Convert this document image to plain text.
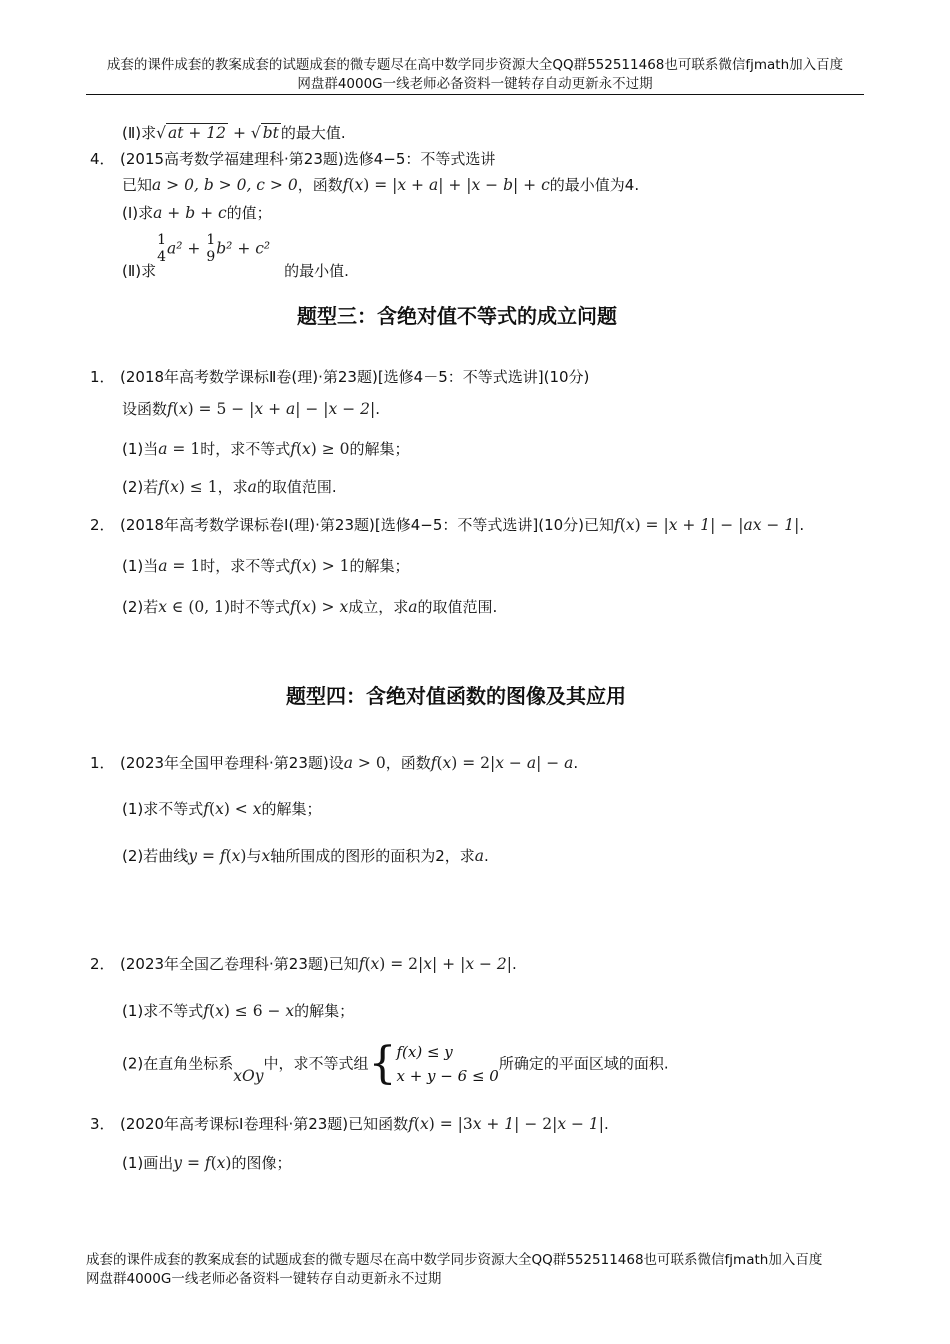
成套的课件成套的教案成套的试题成套的微专题尽在高中数学同步资源大全QQ群552511468也可联系微信fjmath加入百度
网盘群4000G一线老师必备资料一键转存自动更新永不过期
(Ⅱ)求√ at + 12 + √ bt 的最大值.
4． (2015高考数学福建理科·第23题)选修4−5：不等式选讲
已知a > 0, b > 0, c > 0，函数f(x) = |x + a| + |x − b| + c的最小值为4.
(Ⅰ)求a + b + c的值；
(Ⅱ)求
1
4 a² + 1
9 b² + c²的最小值.
题型三：含绝对值不等式的成立问题
1． (2018年高考数学课标Ⅱ卷(理)·第23题)[选修4－5：不等式选讲](10分)
设函数f(x) = 5 − |x + a| − |x − 2|.
(1)当a = 1时，求不等式f(x) ≥ 0的解集；
(2)若f(x) ≤ 1，求a的取值范围.
2． (2018年高考数学课标卷Ⅰ(理)·第23题)[选修4−5：不等式选讲](10分)已知f(x) = |x + 1| − |ax − 1|.
(1)当a = 1时，求不等式f(x) > 1的解集；
(2)若x ∈ (0, 1)时不等式f(x) > x成立，求a的取值范围.
题型四：含绝对值函数的图像及其应用
1． (2023年全国甲卷理科·第23题)设a > 0，函数f(x) = 2|x − a| − a.
(1)求不等式f(x) < x的解集；
(2)若曲线y = f(x)与x轴所围成的图形的面积为2，求a.
2． (2023年全国乙卷理科·第23题)已知f(x) = 2|x| + |x − 2|.
(1)求不等式f(x) ≤ 6 − x的解集；
(2)在直角坐标系xOy中，求不等式组{ f(x) ≤ y
x + y − 6 ≤ 0
所确定的平面区域的面积.
3． (2020年高考课标Ⅰ卷理科·第23题)已知函数f(x) = |3x + 1| − 2|x − 1|.
(1)画出y = f(x)的图像；
成套的课件成套的教案成套的试题成套的微专题尽在高中数学同步资源大全QQ群552511468也可联系微信fjmath加入百度
网盘群4000G一线老师必备资料一键转存自动更新永不过期
